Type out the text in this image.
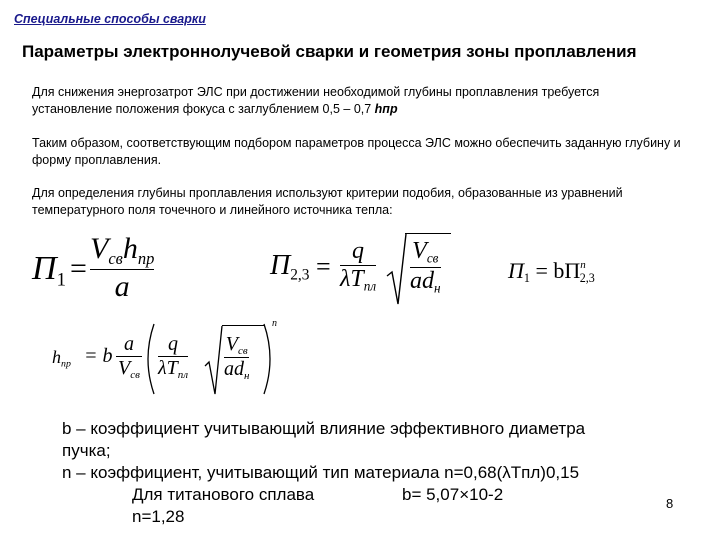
Специальные способы сварки
Параметры электроннолучевой сварки и геометрия зоны проплавления
Для снижения энергозатрот ЭЛС при достижении необходимой глубины проплавления требуется
установление положения фокуса с заглублением 0,5 – 0,7 hпр
Таким образом, соответствующим подбором параметров процесса ЭЛС можно обеспечить заданную глубину и форму проплавления.
Для определения глубины проплавления используют критерии подобия, образованные из уравнений температурного поля точечного и линейного источника тепла:
$П_1$ =
$V_{св}h_{пр}$
a
$П_{2,3}$ =
q
$\lambda T_{пл}$
$V_{св}$
$ad_н$
$П_1 = bП^n_{2,3}$
$h_{пр} = b$
a
$V_{св}$
q
$\lambda T_{пл}$
$V_{св}$
$ad_н$
n
b – коэффициент учитывающий влияние эффективного диаметра
пучка;
n – коэффициент, учитывающий тип материала n=0,68(λTпл)0,15
Для титанового сплава	b= 5,07×10-2
n=1,28
8
